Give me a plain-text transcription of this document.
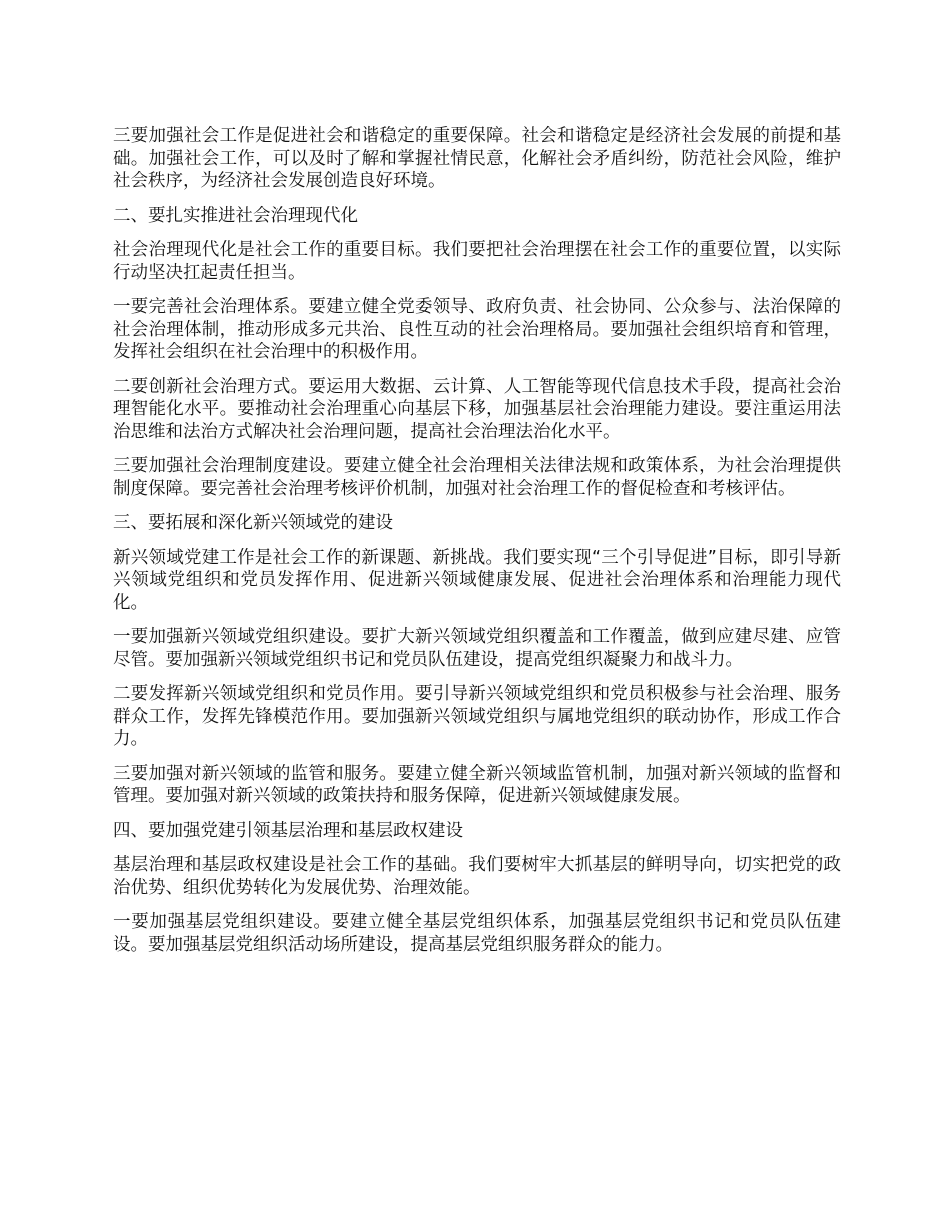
三要加强社会工作是促进社会和谐稳定的重要保障。社会和谐稳定是经济社会发展的前提和基础。加强社会工作，可以及时了解和掌握社情民意，化解社会矛盾纠纷，防范社会风险，维护社会秩序，为经济社会发展创造良好环境。

二、要扎实推进社会治理现代化

社会治理现代化是社会工作的重要目标。我们要把社会治理摆在社会工作的重要位置，以实际行动坚决扛起责任担当。

一要完善社会治理体系。要建立健全党委领导、政府负责、社会协同、公众参与、法治保障的社会治理体制，推动形成多元共治、良性互动的社会治理格局。要加强社会组织培育和管理，发挥社会组织在社会治理中的积极作用。

二要创新社会治理方式。要运用大数据、云计算、人工智能等现代信息技术手段，提高社会治理智能化水平。要推动社会治理重心向基层下移，加强基层社会治理能力建设。要注重运用法治思维和法治方式解决社会治理问题，提高社会治理法治化水平。

三要加强社会治理制度建设。要建立健全社会治理相关法律法规和政策体系，为社会治理提供制度保障。要完善社会治理考核评价机制，加强对社会治理工作的督促检查和考核评估。

三、要拓展和深化新兴领域党的建设

新兴领域党建工作是社会工作的新课题、新挑战。我们要实现“三个引导促进”目标，即引导新兴领域党组织和党员发挥作用、促进新兴领域健康发展、促进社会治理体系和治理能力现代化。

一要加强新兴领域党组织建设。要扩大新兴领域党组织覆盖和工作覆盖，做到应建尽建、应管尽管。要加强新兴领域党组织书记和党员队伍建设，提高党组织凝聚力和战斗力。

二要发挥新兴领域党组织和党员作用。要引导新兴领域党组织和党员积极参与社会治理、服务群众工作，发挥先锋模范作用。要加强新兴领域党组织与属地党组织的联动协作，形成工作合力。

三要加强对新兴领域的监管和服务。要建立健全新兴领域监管机制，加强对新兴领域的监督和管理。要加强对新兴领域的政策扶持和服务保障，促进新兴领域健康发展。

四、要加强党建引领基层治理和基层政权建设

基层治理和基层政权建设是社会工作的基础。我们要树牢大抓基层的鲜明导向，切实把党的政治优势、组织优势转化为发展优势、治理效能。

一要加强基层党组织建设。要建立健全基层党组织体系，加强基层党组织书记和党员队伍建设。要加强基层党组织活动场所建设，提高基层党组织服务群众的能力。
